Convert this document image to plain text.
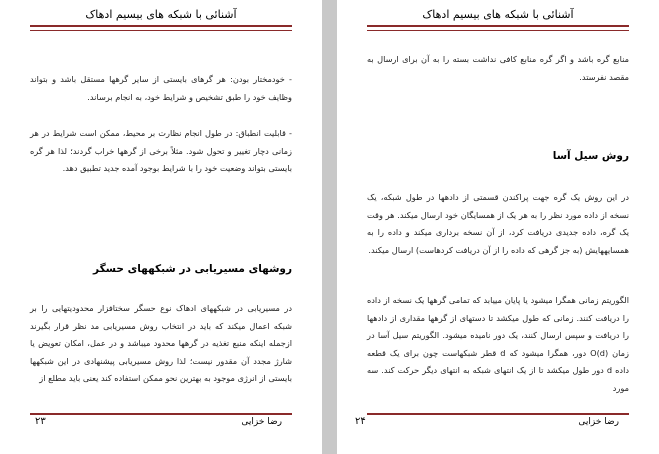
آشنائی با شبکه های بیسیم ادهاک
- خودمختار بودن: هر گرهای بایستی از سایر گرهها مستقل باشد و بتواند وظایف خود را طبق تشخیص و شرایط خود، به انجام برساند.
- قابلیت انطباق: در طول انجام نظارت بر محیط، ممکن است شرایط در هر زمانی دچار تغییر و تحول شود. مثلاً برخی از گرهها خراب گردند؛ لذا هر گره بایستی بتواند وضعیت خود را با شرایط بوجود آمده جدید تطبیق دهد.
روشهای مسیریابی در شبکههای حسگر
در مسیریابی در شبکههای ادهاک نوع حسگر سختافزار محدودیتهایی را بر شبکه اعمال میکند که باید در انتخاب روش مسیریابی مد نظر قرار بگیرند ازجمله اینکه منبع تغذیه در گرهها محدود میباشد و در عمل، امکان تعویض یا شارژ مجدد آن مقدور نیست؛ لذا روش مسیریابی پیشنهادی در این شبکهها بایستی از انرژی موجود به بهترین نحو ممکن استفاده کند یعنی باید مطلع از
۲۳	رضا خزایی
آشنائی با شبکه های بیسیم ادهاک
منابع گره باشد و اگر گره منابع کافی نداشت بسته را به آن برای ارسال به مقصد نفرستد.
روش سیل آسا
در این روش یک گره جهت پراکندن قسمتی از دادهها در طول شبکه، یک نسخه از داده مورد نظر را به هر یک از همسایگان خود ارسال میکند. هر وقت یک گره، داده جدیدی دریافت کرد، از آن نسخه برداری میکند و داده را به همسایههایش (به جز گرهی که داده را از آن دریافت کردهاست) ارسال میکند.
الگوریتم زمانی همگرا میشود یا پایان مییابد که تمامی گرهها یک نسخه از داده را دریافت کنند. زمانی که طول میکشد تا دستهای از گرهها مقداری از دادهها را دریافت و سپس ارسال کنند، یک دور نامیده میشود. الگوریتم سیل آسا در زمان O(d) دور، همگرا میشود که d قطر شبکهاست چون برای یک قطعه داده d دور طول میکشد تا از یک انتهای شبکه به انتهای دیگر حرکت کند. سه مورد
۲۴	رضا خزایی
